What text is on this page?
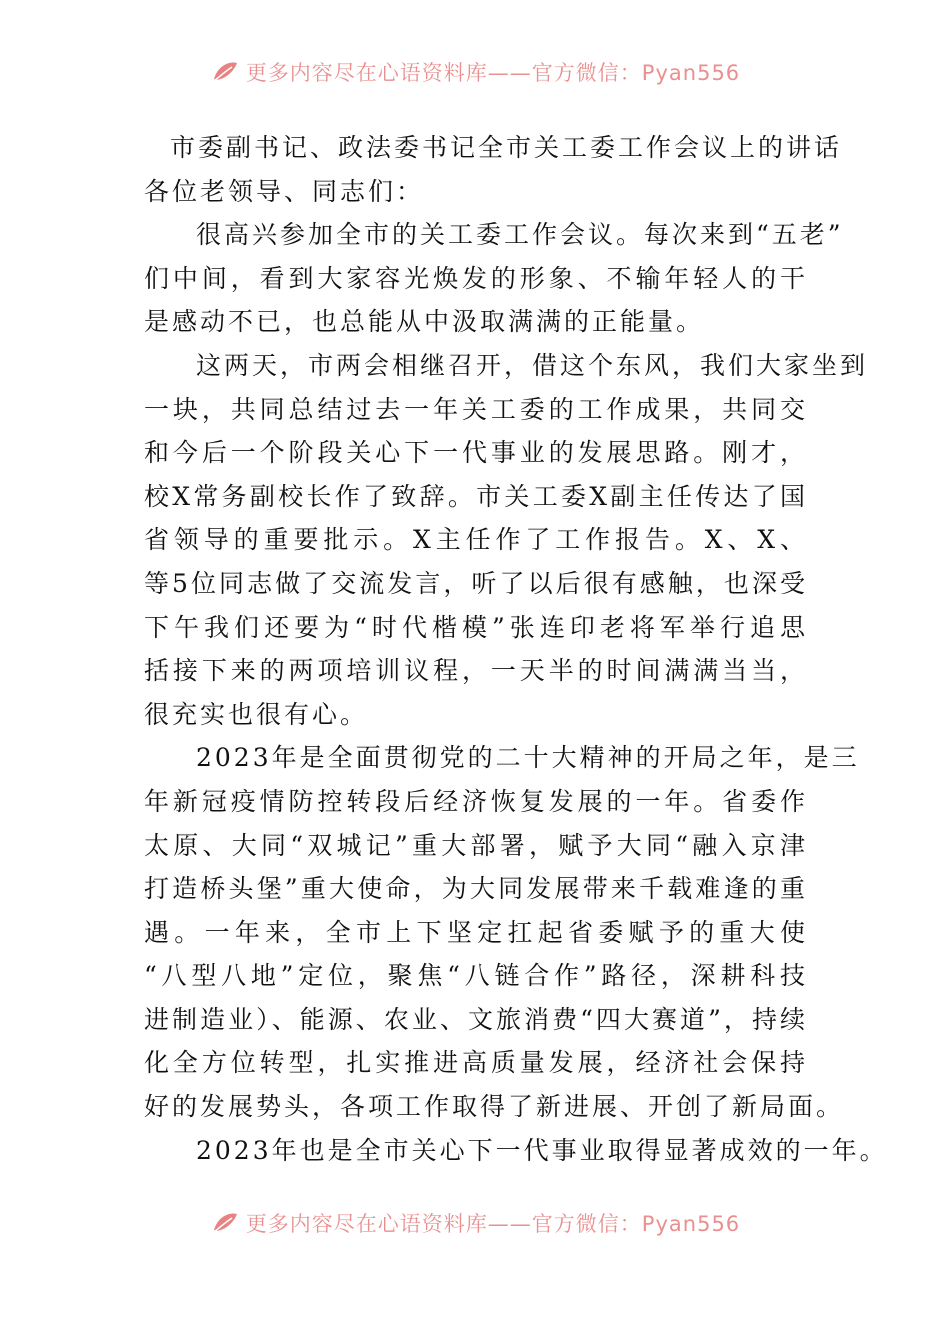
更多内容尽在心语资料库——官方微信：Pyan556
市委副书记、政法委书记全市关工委工作会议上的讲话
各位老领导、同志们：
很高兴参加全市的关工委工作会议。每次来到“五老”
们中间，看到大家容光焕发的形象、不输年轻人的干
是感动不已，也总能从中汲取满满的正能量。
这两天，市两会相继召开，借这个东风，我们大家坐到
一块，共同总结过去一年关工委的工作成果，共同交
和今后一个阶段关心下一代事业的发展思路。刚才，
校X常务副校长作了致辞。市关工委X副主任传达了国
省领导的重要批示。X主任作了工作报告。X、X、
等5位同志做了交流发言，听了以后很有感触，也深受
下午我们还要为“时代楷模”张连印老将军举行追思
括接下来的两项培训议程，一天半的时间满满当当，
很充实也很有心。
2023年是全面贯彻党的二十大精神的开局之年，是三
年新冠疫情防控转段后经济恢复发展的一年。省委作
太原、大同“双城记”重大部署，赋予大同“融入京津
打造桥头堡”重大使命，为大同发展带来千载难逢的重
遇。一年来，全市上下坚定扛起省委赋予的重大使
“八型八地”定位，聚焦“八链合作”路径，深耕科技
进制造业）、能源、农业、文旅消费“四大赛道”，持续
化全方位转型，扎实推进高质量发展，经济社会保持
好的发展势头，各项工作取得了新进展、开创了新局面。
2023年也是全市关心下一代事业取得显著成效的一年。
更多内容尽在心语资料库——官方微信：Pyan556
